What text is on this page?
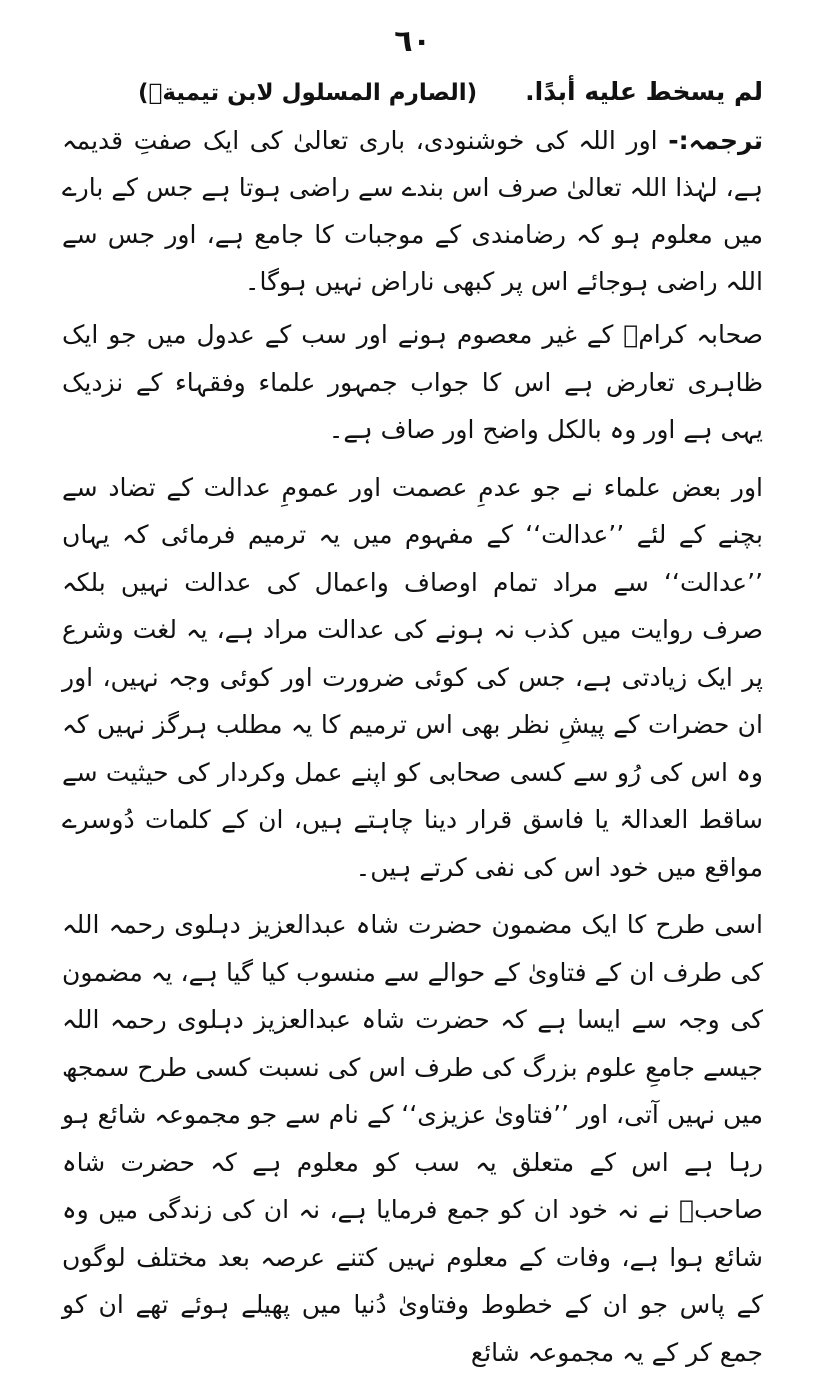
٦٠
لم يسخط عليه أبدًا.
(الصارم المسلول لابن تيميةؒ)
ترجمہ:- اور اللہ کی خوشنودی، باری تعالیٰ کی ایک صفتِ قدیمہ ہے، لہٰذا اللہ تعالیٰ صرف اس بندے سے راضی ہوتا ہے جس کے بارے میں معلوم ہو کہ رضامندی کے موجبات کا جامع ہے، اور جس سے اللہ راضی ہوجائے اس پر کبھی ناراض نہیں ہوگا۔

صحابہ کرامؓ کے غیر معصوم ہونے اور سب کے عدول میں جو ایک ظاہری تعارض ہے اس کا جواب جمہور علماء وفقہاء کے نزدیک یہی ہے اور وہ بالکل واضح اور صاف ہے۔

اور بعض علماء نے جو عدمِ عصمت اور عمومِ عدالت کے تضاد سے بچنے کے لئے ’’عدالت‘‘ کے مفہوم میں یہ ترمیم فرمائی کہ یہاں ’’عدالت‘‘ سے مراد تمام اوصاف واعمال کی عدالت نہیں بلکہ صرف روایت میں کذب نہ ہونے کی عدالت مراد ہے، یہ لغت وشرع پر ایک زیادتی ہے، جس کی کوئی ضرورت اور کوئی وجہ نہیں، اور ان حضرات کے پیشِ نظر بھی اس ترمیم کا یہ مطلب ہرگز نہیں کہ وہ اس کی رُو سے کسی صحابی کو اپنے عمل وکردار کی حیثیت سے ساقط العدالۃ یا فاسق قرار دینا چاہتے ہیں، ان کے کلمات دُوسرے مواقع میں خود اس کی نفی کرتے ہیں۔

اسی طرح کا ایک مضمون حضرت شاہ عبدالعزیز دہلوی رحمہ اللہ کی طرف ان کے فتاویٰ کے حوالے سے منسوب کیا گیا ہے، یہ مضمون کی وجہ سے ایسا ہے کہ حضرت شاہ عبدالعزیز دہلوی رحمہ اللہ جیسے جامعِ علوم بزرگ کی طرف اس کی نسبت کسی طرح سمجھ میں نہیں آتی، اور ’’فتاویٰ عزیزی‘‘ کے نام سے جو مجموعہ شائع ہو رہا ہے اس کے متعلق یہ سب کو معلوم ہے کہ حضرت شاہ صاحبؒ نے نہ خود ان کو جمع فرمایا ہے، نہ ان کی زندگی میں وہ شائع ہوا ہے، وفات کے معلوم نہیں کتنے عرصہ بعد مختلف لوگوں کے پاس جو ان کے خطوط وفتاویٰ دُنیا میں پھیلے ہوئے تھے ان کو جمع کر کے یہ مجموعہ شائع
